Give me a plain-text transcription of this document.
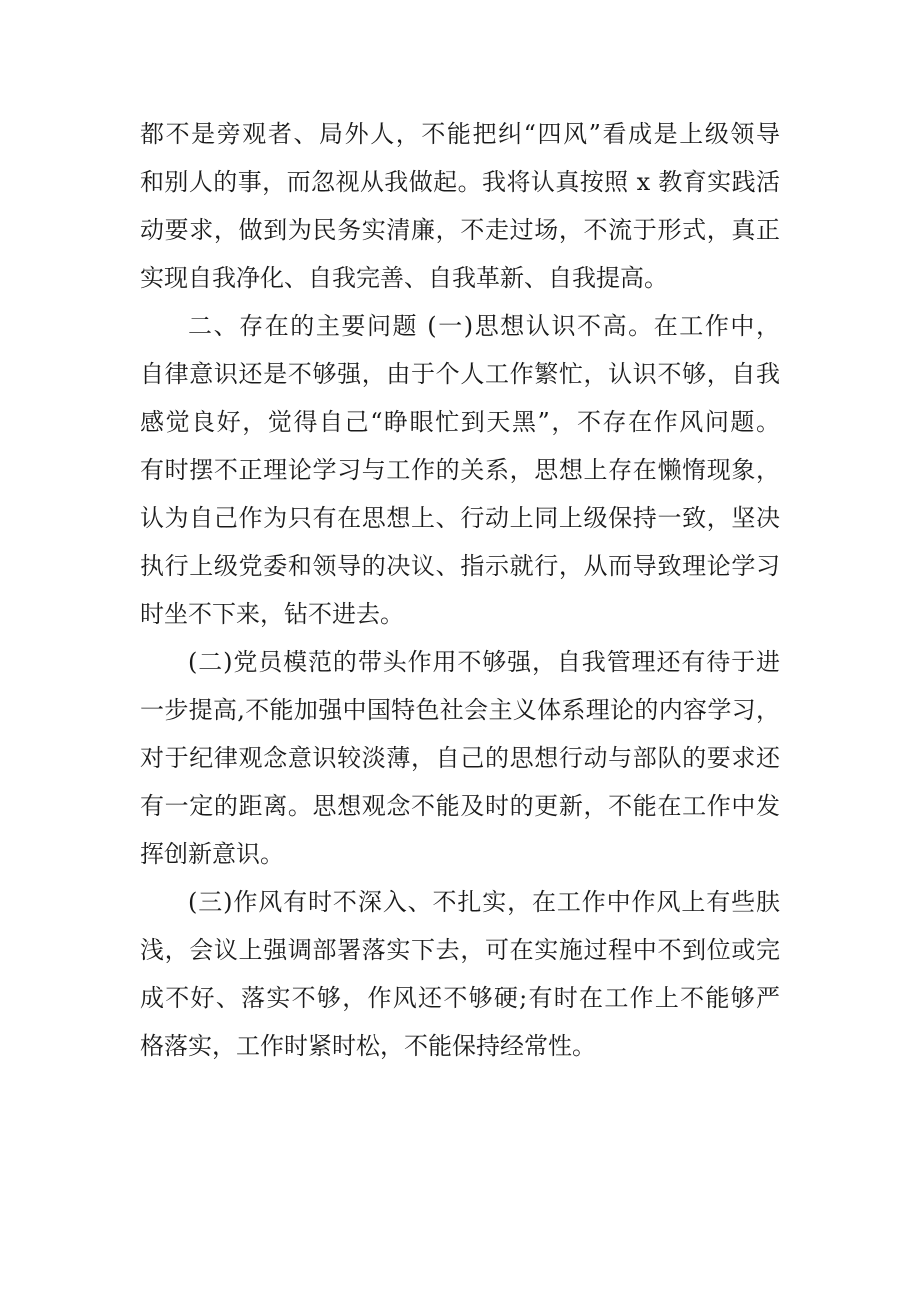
都不是旁观者、局外人，不能把纠“四风”看成是上级领导
和别人的事，而忽视从我做起。我将认真按照 x 教育实践活
动要求，做到为民务实清廉，不走过场，不流于形式，真正
实现自我净化、自我完善、自我革新、自我提高。
二、存在的主要问题 (一)思想认识不高。在工作中，
自律意识还是不够强，由于个人工作繁忙，认识不够，自我
感觉良好，觉得自己“睁眼忙到天黑”，不存在作风问题。
有时摆不正理论学习与工作的关系，思想上存在懒惰现象，
认为自己作为只有在思想上、行动上同上级保持一致，坚决
执行上级党委和领导的决议、指示就行，从而导致理论学习
时坐不下来，钻不进去。
(二)党员模范的带头作用不够强，自我管理还有待于进
一步提高,不能加强中国特色社会主义体系理论的内容学习，
对于纪律观念意识较淡薄，自己的思想行动与部队的要求还
有一定的距离。思想观念不能及时的更新，不能在工作中发
挥创新意识。
(三)作风有时不深入、不扎实，在工作中作风上有些肤
浅，会议上强调部署落实下去，可在实施过程中不到位或完
成不好、落实不够，作风还不够硬;有时在工作上不能够严
格落实，工作时紧时松，不能保持经常性。
